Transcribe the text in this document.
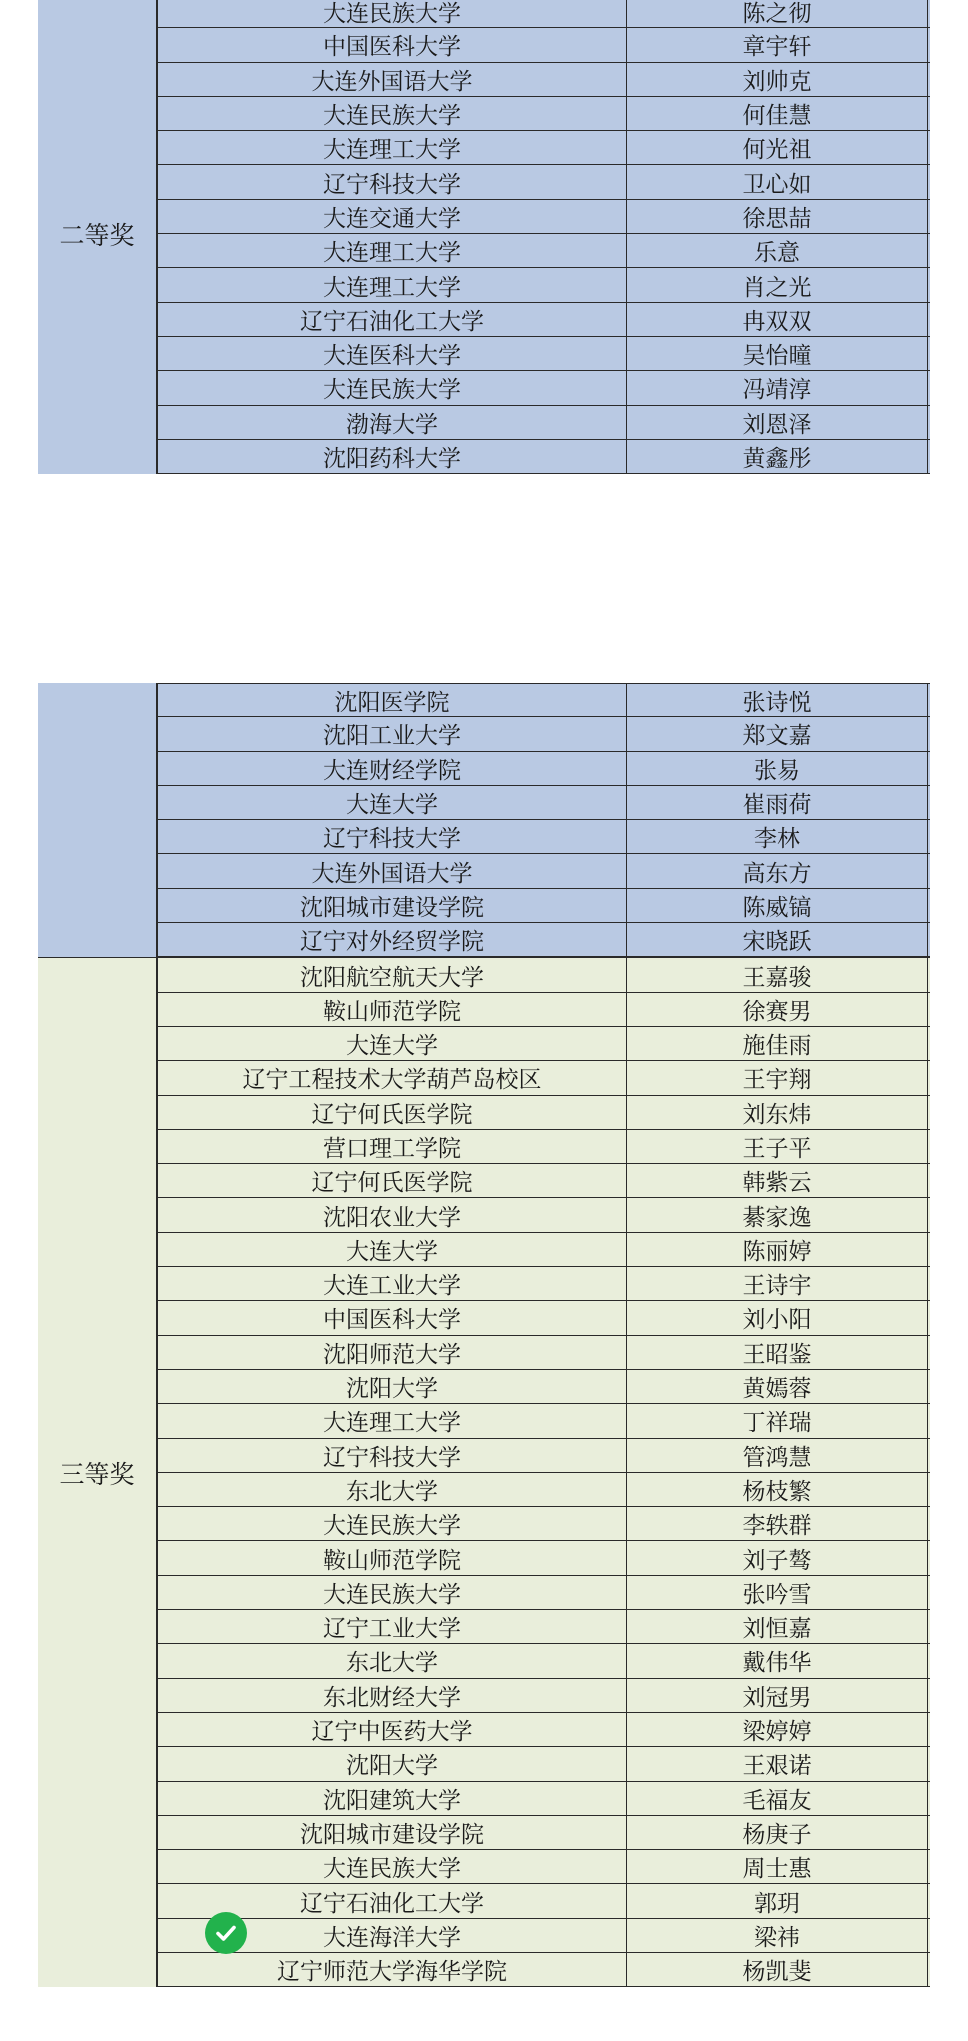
二等奖
大连民族大学	陈之彻
中国医科大学	章宇轩
大连外国语大学	刘帅克
大连民族大学	何佳慧
大连理工大学	何光祖
辽宁科技大学	卫心如
大连交通大学	徐思喆
大连理工大学	乐意
大连理工大学	肖之光
辽宁石油化工大学	冉双双
大连医科大学	吴怡曈
大连民族大学	冯靖淳
渤海大学	刘恩泽
沈阳药科大学	黄鑫彤
沈阳医学院	张诗悦
沈阳工业大学	郑文嘉
大连财经学院	张易
大连大学	崔雨荷
辽宁科技大学	李林
大连外国语大学	高东方
沈阳城市建设学院	陈威镐
辽宁对外经贸学院	宋晓跃
三等奖
沈阳航空航天大学	王嘉骏
鞍山师范学院	徐赛男
大连大学	施佳雨
辽宁工程技术大学葫芦岛校区	王宇翔
辽宁何氏医学院	刘东炜
营口理工学院	王子平
辽宁何氏医学院	韩紫云
沈阳农业大学	綦家逸
大连大学	陈丽婷
大连工业大学	王诗宇
中国医科大学	刘小阳
沈阳师范大学	王昭鉴
沈阳大学	黄嫣蓉
大连理工大学	丁祥瑞
辽宁科技大学	管鸿慧
东北大学	杨枝繁
大连民族大学	李轶群
鞍山师范学院	刘子骜
大连民族大学	张吟雪
辽宁工业大学	刘恒嘉
东北大学	戴伟华
东北财经大学	刘冠男
辽宁中医药大学	梁婷婷
沈阳大学	王艰诺
沈阳建筑大学	毛福友
沈阳城市建设学院	杨庚子
大连民族大学	周士惠
辽宁石油化工大学	郭玥
大连海洋大学	梁祎
辽宁师范大学海华学院	杨凯斐
